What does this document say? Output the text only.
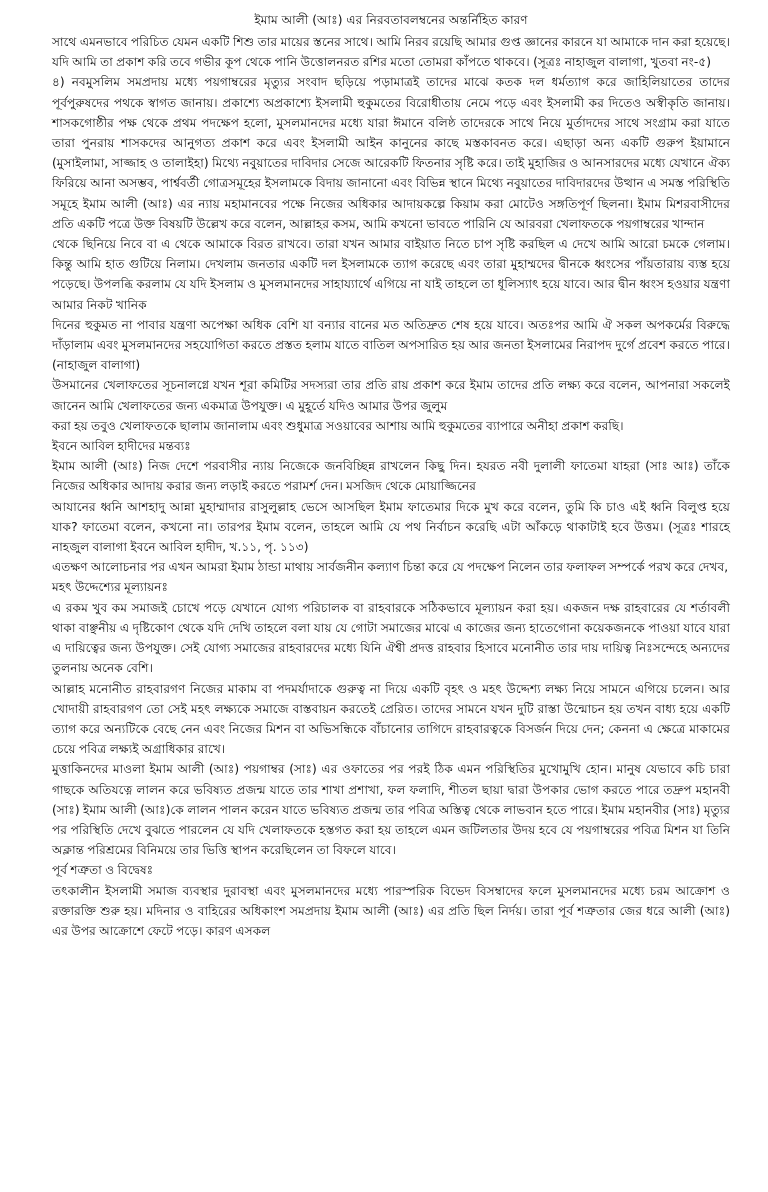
ইমাম আলী (আঃ) এর নিরবতাবলম্বনের অন্তর্নিহিত কারণ

সাথে এমনভাবে পরিচিত যেমন একটি শিশু তার মায়ের স্তনের সাথে। আমি নিরব রয়েছি আমার গুপ্ত জ্ঞানের কারনে যা আমাকে দান করা হয়েছে। যদি আমি তা প্রকাশ করি তবে গভীর কূপ থেকে পানি উত্তোলনরত রশির মতো তোমরা কাঁপতে থাকবে। (সূত্রঃ নাহাজুল বালাগা, খুতবা নং-৫)

৪) নবমুসলিম সমপ্রদায় মধ্যে পয়গাম্বরের মৃত্যুর সংবাদ ছড়িয়ে পড়ামাত্রই তাদের মাঝে কতক দল ধর্মত্যাগ করে জাহিলিয়াতের তাদের পূর্বপুরুষদের পথকে স্বাগত জানায়। প্রকাশ্যে অপ্রকাশ্যে ইসলামী হুকুমতের বিরোধীতায় নেমে পড়ে এবং ইসলামী কর দিতেও অস্বীকৃতি জানায়। শাসকগোষ্ঠীর পক্ষ থেকে প্রথম পদক্ষেপ হলো, মুসলমানদের মধ্যে যারা ঈমানে বলিষ্ঠ তাদেরকে সাথে নিয়ে মুর্তাদদের সাথে সংগ্রাম করা যাতে তারা পুনরায় শাসকদের আনুগত্য প্রকাশ করে এবং ইসলামী আইন কানুনের কাছে মস্তকাবনত করে। এছাড়া অন্য একটি গুরুপ ইয়ামানে (মুসাইলামা, সাজ্জাহ ও তালাইহা) মিথ্যে নবুয়াতের দাবিদার সেজে আরেকটি ফিতনার সৃষ্টি করে। তাই মুহাজির ও আনসারদের মধ্যে যেখানে ঐক্য ফিরিয়ে আনা অসম্ভব, পার্শ্ববর্তী গোত্রসমূহের ইসলামকে বিদায় জানানো এবং বিভিন্ন স্থানে মিথ্যে নবুয়াতের দাবিদারদের উত্থান এ সমস্ত পরিস্থিতি সমূহে ইমাম আলী (আঃ) এর ন্যায় মহামানবের পক্ষে নিজের অধিকার আদায়কল্পে কিয়াম করা মোটেও সঙ্গতিপূর্ণ ছিলনা। ইমাম মিশরবাসীদের প্রতি একটি পত্রে উক্ত বিষয়টি উল্লেখ করে বলেন, আল্লাহর কসম, আমি কখনো ভাবতে পারিনি যে আরবরা খেলাফতকে পয়গাম্বরের খান্দান

থেকে ছিনিয়ে নিবে বা এ থেকে আমাকে বিরত রাখবে। তারা যখন আমার বাইয়াত নিতে চাপ সৃষ্টি করছিল এ দেখে আমি আরো চমকে গেলাম। কিন্তু আমি হাত গুটিয়ে নিলাম। দেখলাম জনতার একটি দল ইসলামকে ত্যাগ করেছে এবং তারা মুহাম্মদের দ্বীনকে ধ্বংসের পাঁয়তারায় ব্যস্ত হয়ে পড়েছে। উপলব্ধি করলাম যে যদি ইসলাম ও মুসলমানদের সাহায্যার্থে এগিয়ে না যাই তাহলে তা ধূলিস্যাৎ হয়ে যাবে। আর দ্বীন ধ্বংস হওয়ার যন্ত্রণা আমার নিকট খানিক

দিনের হুকুমত না পাবার যন্ত্রণা অপেক্ষা অধিক বেশি যা বন্যার বানের মত অতিদ্রুত শেষ হয়ে যাবে। অতঃপর আমি ঐ সকল অপকর্মের বিরুদ্ধে দাঁড়ালাম এবং মুসলমানদের সহযোগিতা করতে প্রস্তত হলাম যাতে বাতিল অপসারিত হয় আর জনতা ইসলামের নিরাপদ দুর্গে প্রবেশ করতে পারে। (নাহাজুল বালাগা)

উসমানের খেলাফতের সূচনালগ্নে যখন শূরা কমিটির সদস্যরা তার প্রতি রায় প্রকাশ করে ইমাম তাদের প্রতি লক্ষ্য করে বলেন, আপনারা সকলেই জানেন আমি খেলাফতের জন্য একমাত্র উপযুক্ত। এ মুহূর্তে যদিও আমার উপর জুলুম

করা হয় তবুও খেলাফতকে ছালাম জানালাম এবং শুধুমাত্র সওয়াবের আশায় আমি হুকুমতের ব্যাপারে অনীহা প্রকাশ করছি।

ইবনে আবিল হাদীদের মন্তব্যঃ

ইমাম আলী (আঃ) নিজ দেশে পরবাসীর ন্যায় নিজেকে জনবিচ্ছিন্ন রাখলেন কিছু দিন। হযরত নবী দুলালী ফাতেমা যাহরা (সাঃ আঃ) তাঁকে নিজের অধিকার আদায় করার জন্য লড়াই করতে পরামর্শ দেন। মসজিদ থেকে মোয়াজ্জিনের

আযানের ধ্বনি আশহাদু আন্না মুহাম্মাদার রাসুলুল্লাহ ভেসে আসছিল ইমাম ফাতেমার দিকে মুখ করে বলেন, তুমি কি চাও এই ধ্বনি বিলুপ্ত হয়ে যাক? ফাতেমা বলেন, কখনো না। তারপর ইমাম বলেন, তাহলে আমি যে পথ নির্বাচন করেছি এটা আঁকড়ে থাকাটাই হবে উত্তম। (সূত্রঃ শারহে নাহজুল বালাগা ইবনে আবিল হাদীদ, খ.১১, পৃ. ১১৩)

এতক্ষণ আলোচনার পর এখন আমরা ইমাম ঠান্ডা মাথায় সার্বজনীন কল্যাণ চিন্তা করে যে পদক্ষেপ নিলেন তার ফলাফল সম্পর্কে পরখ করে দেখব,

মহৎ উদ্দেশ্যের মূল্যায়নঃ

এ রকম খুব কম সমাজই চোখে পড়ে যেখানে যোগ্য পরিচালক বা রাহবারকে সঠিকভাবে মূল্যায়ন করা হয়। একজন দক্ষ রাহবারের যে শর্তাবলী থাকা বাঞ্ছনীয় এ দৃষ্টিকোণ থেকে যদি দেখি তাহলে বলা যায় যে গোটা সমাজের মাঝে এ কাজের জন্য হাতেগোনা কয়েকজনকে পাওয়া যাবে যারা এ দায়িত্বের জন্য উপযুক্ত। সেই যোগ্য সমাজের রাহবারদের মধ্যে যিনি ঐশ্বী প্রদত্ত রাহবার হিসাবে মনোনীত তার দায় দায়িত্ব নিঃসন্দেহে অন্যদের তুলনায় অনেক বেশি।

আল্লাহ মনোনীত রাহবারগণ নিজের মাকাম বা পদমর্যাদাকে গুরুত্ব না দিয়ে একটি বৃহৎ ও মহৎ উদ্দেশ্য লক্ষ্য নিয়ে সামনে এগিয়ে চলেন। আর খোদায়ী রাহবারগণ তো সেই মহৎ লক্ষ্যকে সমাজে বাস্তবায়ন করতেই প্রেরিত। তাদের সামনে যখন দুটি রাস্তা উন্মোচন হয় তখন বাধ্য হয়ে একটি ত্যাগ করে অন্যটিকে বেছে নেন এবং নিজের মিশন বা অভিসন্ধিকে বাঁচানোর তাগিদে রাহবারত্বকে বিসর্জন দিয়ে দেন; কেননা এ ক্ষেত্রে মাকামের চেয়ে পবিত্র লক্ষ্যই অগ্রাধিকার রাখে।

মুত্তাকিনদের মাওলা ইমাম আলী (আঃ) পয়গাম্বর (সাঃ) এর ওফাতের পর পরই ঠিক এমন পরিস্থিতির মুখোমুখি হোন। মানুষ যেভাবে কচি চারা গাছকে অতিযত্নে লালন করে ভবিষ্যত প্রজন্ম যাতে তার শাখা প্রশাখা, ফল ফলাদি, শীতল ছায়া দ্বারা উপকার ভোগ করতে পারে তদ্রুপ মহানবী (সাঃ) ইমাম আলী (আঃ)কে লালন পালন করেন যাতে ভবিষ্যত প্রজন্ম তার পবিত্র অস্তিত্ব থেকে লাভবান হতে পারে। ইমাম মহানবীর (সাঃ) মৃত্যুর পর পরিস্থিতি দেখে বুঝতে পারলেন যে যদি খেলাফতকে হস্তগত করা হয় তাহলে এমন জটিলতার উদয় হবে যে পয়গাম্বরের পবিত্র মিশন যা তিনি অক্লান্ত পরিশ্রমের বিনিময়ে তার ভিত্তি স্থাপন করেছিলেন তা বিফলে যাবে।

পূর্ব শত্রুতা ও বিদ্বেষঃ

তৎকালীন ইসলামী সমাজ ব্যবস্থার দুরাবস্থা এবং মুসলমানদের মধ্যে পারস্পরিক বিভেদ বিসম্বাদের ফলে মুসলমানদের মধ্যে চরম আক্রোশ ও রক্তারক্তি শুরু হয়। মদিনার ও বাহিরের অধিকাংশ সমপ্রদায় ইমাম আলী (আঃ) এর প্রতি ছিল নির্দয়। তারা পূর্ব শত্রুতার জের ধরে আলী (আঃ) এর উপর আক্রোশে ফেটে পড়ে। কারণ এসকল
